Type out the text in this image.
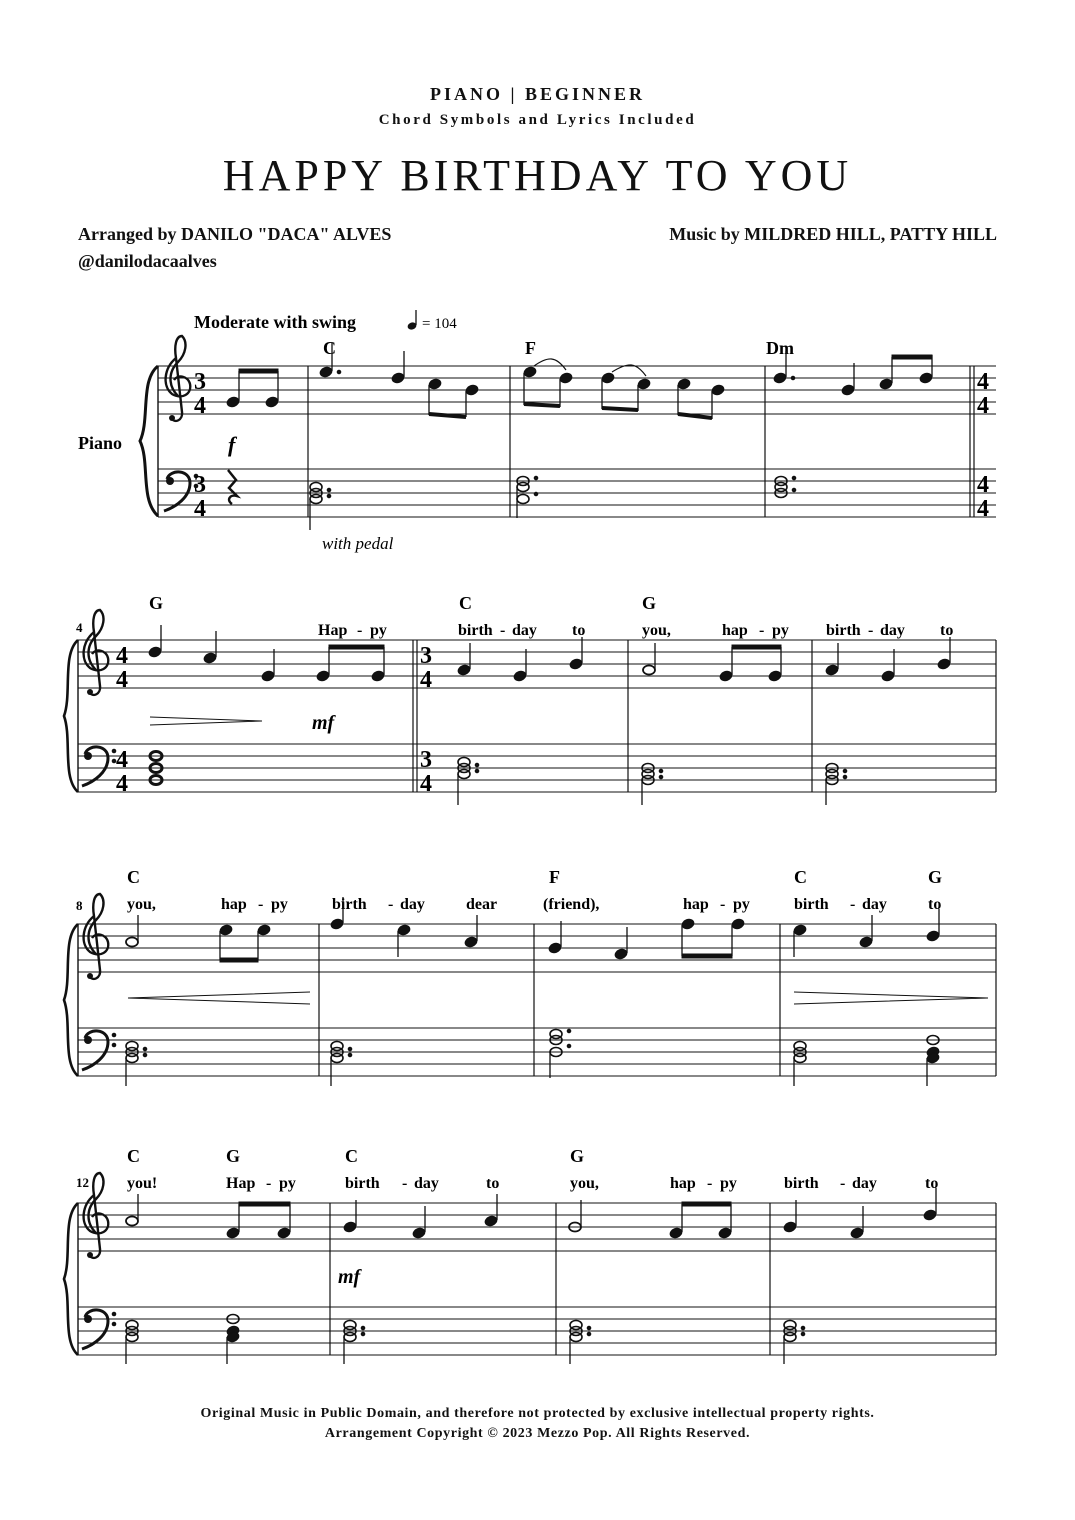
PIANO | BEGINNER
Chord Symbols and Lyrics Included
HAPPY BIRTHDAY TO YOU
Arranged by DANILO "DACA" ALVES
@danilodacaalves
Music by MILDRED HILL, PATTY HILL
Moderate with swing	= 104
C	F	Dm
Piano
3
4
3
4
4
4
4
4
f
with pedal
G	C	G
4	Hap - py	birth - day to	you,	hap - py birth - day to
4
4
4
4
3
4
3
4
mf
C	F	C	G
8	you,	hap - py	birth - day	dear	(friend),	hap - py	birth - day	to
C	G	C	G
12 you!	Hap - py	birth - day	to	you,	hap - py	birth - day	to
mf
Original Music in Public Domain, and therefore not protected by exclusive intellectual property rights.
Arrangement Copyright © 2023 Mezzo Pop. All Rights Reserved.
